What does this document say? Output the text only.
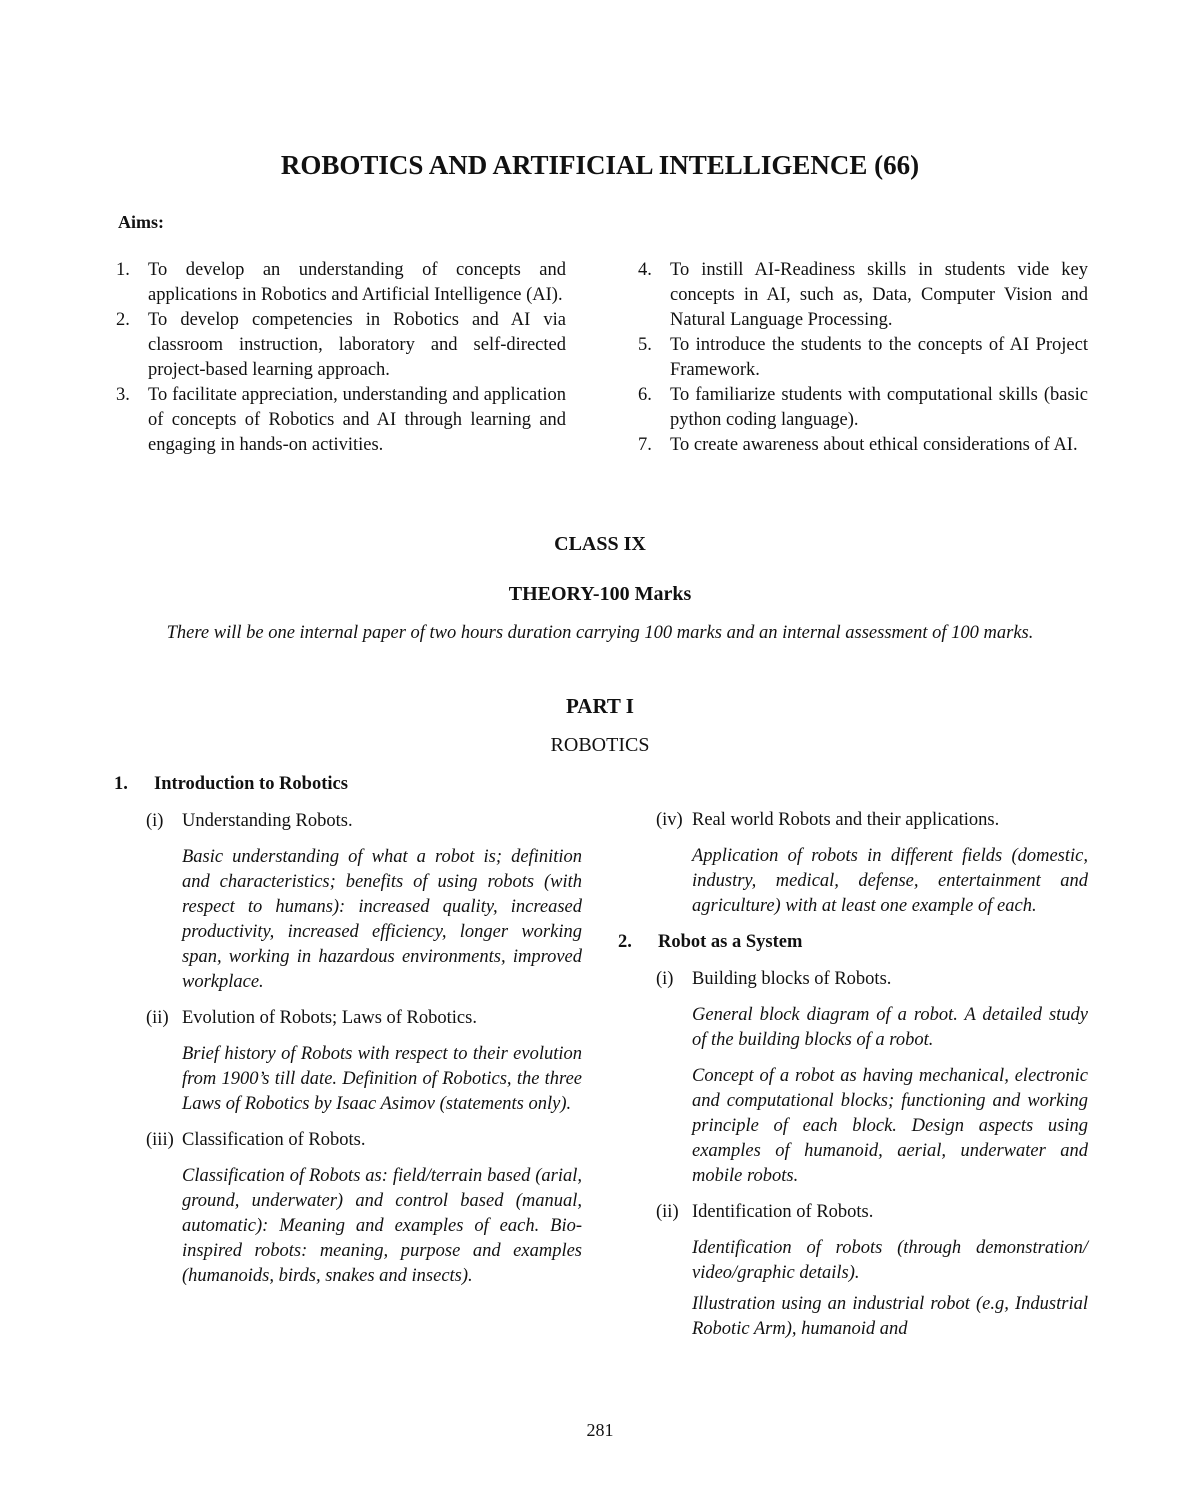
ROBOTICS AND ARTIFICIAL INTELLIGENCE (66)
Aims:
1. To develop an understanding of concepts and applications in Robotics and Artificial Intelligence (AI).
2. To develop competencies in Robotics and AI via classroom instruction, laboratory and self-directed project-based learning approach.
3. To facilitate appreciation, understanding and application of concepts of Robotics and AI through learning and engaging in hands-on activities.
4. To instill AI-Readiness skills in students vide key concepts in AI, such as, Data, Computer Vision and Natural Language Processing.
5. To introduce the students to the concepts of AI Project Framework.
6. To familiarize students with computational skills (basic python coding language).
7. To create awareness about ethical considerations of AI.
CLASS IX
THEORY-100 Marks
There will be one internal paper of two hours duration carrying 100 marks and an internal assessment of 100 marks.
PART I
ROBOTICS
1.	Introduction to Robotics
(i)	Understanding Robots.
Basic understanding of what a robot is; definition and characteristics; benefits of using robots (with respect to humans): increased quality, increased productivity, increased efficiency, longer working span, working in hazardous environments, improved workplace.
(ii) Evolution of Robots; Laws of Robotics.
Brief history of Robots with respect to their evolution from 1900’s till date. Definition of Robotics, the three Laws of Robotics by Isaac Asimov (statements only).
(iii) Classification of Robots.
Classification of Robots as: field/terrain based (arial, ground, underwater) and control based (manual, automatic): Meaning and examples of each. Bio-inspired robots: meaning, purpose and examples (humanoids, birds, snakes and insects).
(iv) Real world Robots and their applications.
Application of robots in different fields (domestic, industry, medical, defense, entertainment and agriculture) with at least one example of each.
2.	Robot as a System
(i)	Building blocks of Robots.
General block diagram of a robot. A detailed study of the building blocks of a robot.
Concept of a robot as having mechanical, electronic and computational blocks; functioning and working principle of each block. Design aspects using examples of humanoid, aerial, underwater and mobile robots.
(ii) Identification of Robots.
Identification of robots (through demonstration/ video/graphic details).
Illustration using an industrial robot (e.g, Industrial Robotic Arm), humanoid and
281
